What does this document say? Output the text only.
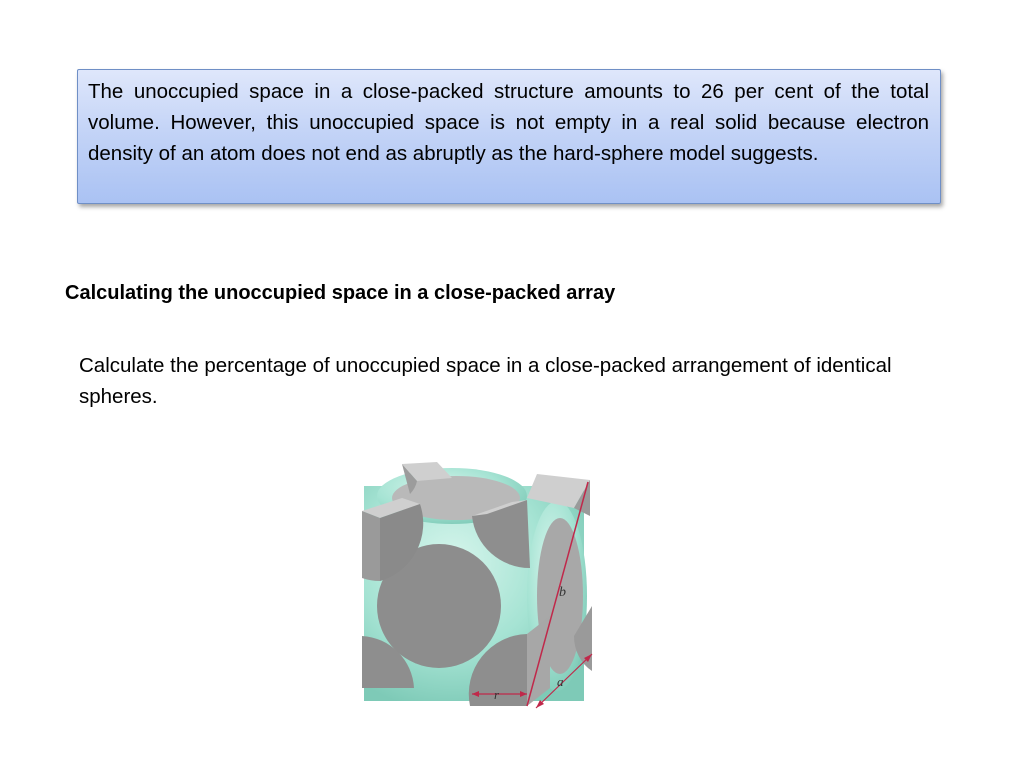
The unoccupied space in a close-packed structure amounts to 26 per cent of the total volume. However, this unoccupied space is not empty in a real solid because electron density of an atom does not end as abruptly as the hard-sphere model suggests.
Calculating the unoccupied space in a close-packed array
Calculate the percentage of unoccupied space in a close-packed arrangement of identical spheres.
b
a
r
